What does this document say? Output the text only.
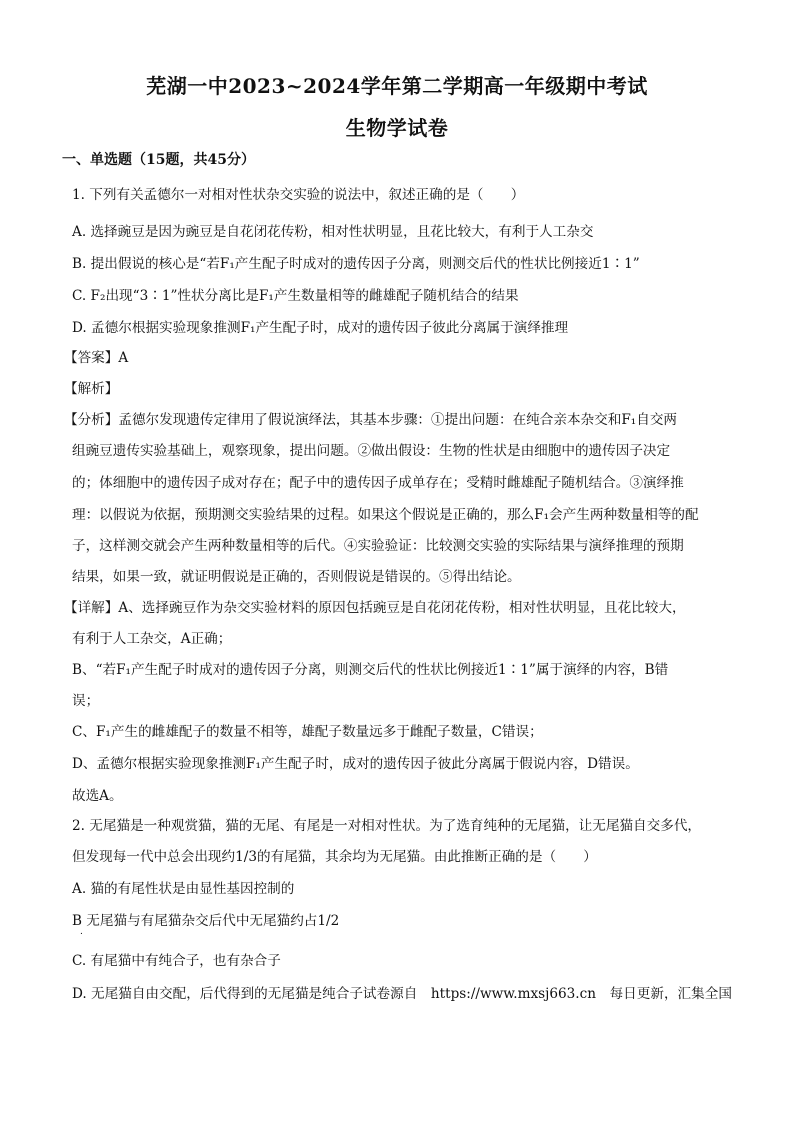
芜湖一中2023~2024学年第二学期高一年级期中考试
生物学试卷
一、单选题（15题，共45分）
1. 下列有关孟德尔一对相对性状杂交实验的说法中，叙述正确的是（　　）
A. 选择豌豆是因为豌豆是自花闭花传粉，相对性状明显，且花比较大，有利于人工杂交
B. 提出假说的核心是“若F₁产生配子时成对的遗传因子分离，则测交后代的性状比例接近1∶1”
C. F₂出现“3∶1”性状分离比是F₁产生数量相等的雌雄配子随机结合的结果
D. 孟德尔根据实验现象推测F₁产生配子时，成对的遗传因子彼此分离属于演绎推理
【答案】A
【解析】
【分析】孟德尔发现遗传定律用了假说演绎法，其基本步骤：①提出问题：在纯合亲本杂交和F₁自交两
组豌豆遗传实验基础上，观察现象，提出问题。②做出假设：生物的性状是由细胞中的遗传因子决定
的；体细胞中的遗传因子成对存在；配子中的遗传因子成单存在；受精时雌雄配子随机结合。③演绎推
理：以假说为依据，预期测交实验结果的过程。如果这个假说是正确的，那么F₁会产生两种数量相等的配
子，这样测交就会产生两种数量相等的后代。④实验验证：比较测交实验的实际结果与演绎推理的预期
结果，如果一致，就证明假说是正确的，否则假说是错误的。⑤得出结论。
【详解】A、选择豌豆作为杂交实验材料的原因包括豌豆是自花闭花传粉，相对性状明显，且花比较大，
有利于人工杂交，A正确；
B、“若F₁产生配子时成对的遗传因子分离，则测交后代的性状比例接近1∶1”属于演绎的内容，B错
误；
C、F₁产生的雌雄配子的数量不相等，雄配子数量远多于雌配子数量，C错误；
D、孟德尔根据实验现象推测F₁产生配子时，成对的遗传因子彼此分离属于假说内容，D错误。
故选A。
2. 无尾猫是一种观赏猫，猫的无尾、有尾是一对相对性状。为了选育纯种的无尾猫，让无尾猫自交多代，
但发现每一代中总会出现约1/3的有尾猫，其余均为无尾猫。由此推断正确的是（　　）
A. 猫的有尾性状是由显性基因控制的
B 无尾猫与有尾猫杂交后代中无尾猫约占1/2
.
C. 有尾猫中有纯合子，也有杂合子
D. 无尾猫自由交配，后代得到的无尾猫是纯合子试卷源自　https://www.mxsj663.cn　每日更新，汇集全国
